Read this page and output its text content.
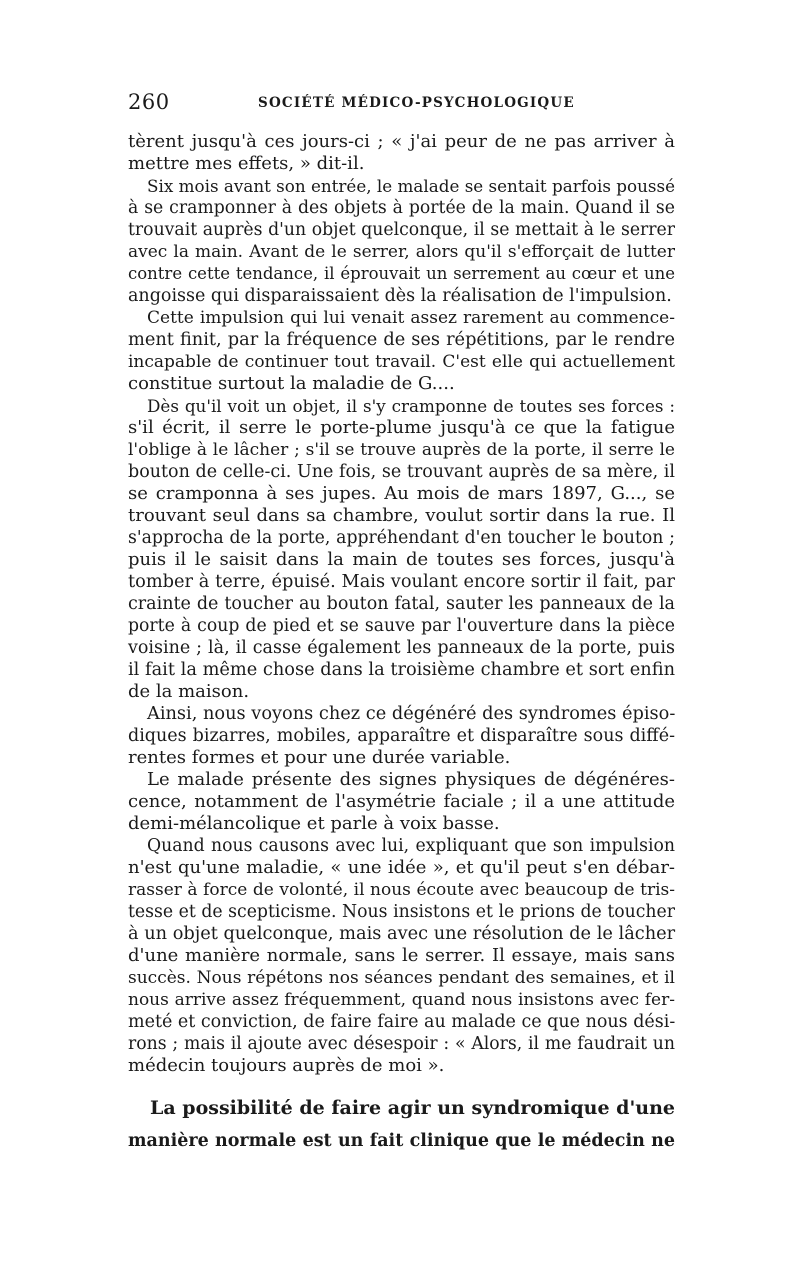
260	SOCIÉTÉ MÉDICO-PSYCHOLOGIQUE
tèrent jusqu'à ces jours-ci ; « j'ai peur de ne pas arriver à
mettre mes effets, » dit-il.
Six mois avant son entrée, le malade se sentait parfois poussé
à se cramponner à des objets à portée de la main. Quand il se
trouvait auprès d'un objet quelconque, il se mettait à le serrer
avec la main. Avant de le serrer, alors qu'il s'efforçait de lutter
contre cette tendance, il éprouvait un serrement au cœur et une
angoisse qui disparaissaient dès la réalisation de l'impulsion.
Cette impulsion qui lui venait assez rarement au commence-
ment finit, par la fréquence de ses répétitions, par le rendre
incapable de continuer tout travail. C'est elle qui actuellement
constitue surtout la maladie de G....
Dès qu'il voit un objet, il s'y cramponne de toutes ses forces :
s'il écrit, il serre le porte-plume jusqu'à ce que la fatigue
l'oblige à le lâcher ; s'il se trouve auprès de la porte, il serre le
bouton de celle-ci. Une fois, se trouvant auprès de sa mère, il
se cramponna à ses jupes. Au mois de mars 1897, G..., se
trouvant seul dans sa chambre, voulut sortir dans la rue. Il
s'approcha de la porte, appréhendant d'en toucher le bouton ;
puis il le saisit dans la main de toutes ses forces, jusqu'à
tomber à terre, épuisé. Mais voulant encore sortir il fait, par
crainte de toucher au bouton fatal, sauter les panneaux de la
porte à coup de pied et se sauve par l'ouverture dans la pièce
voisine ; là, il casse également les panneaux de la porte, puis
il fait la même chose dans la troisième chambre et sort enfin
de la maison.
Ainsi, nous voyons chez ce dégénéré des syndromes épiso-
diques bizarres, mobiles, apparaître et disparaître sous diffé-
rentes formes et pour une durée variable.
Le malade présente des signes physiques de dégénéres-
cence, notamment de l'asymétrie faciale ; il a une attitude
demi-mélancolique et parle à voix basse.
Quand nous causons avec lui, expliquant que son impulsion
n'est qu'une maladie, « une idée », et qu'il peut s'en débar-
rasser à force de volonté, il nous écoute avec beaucoup de tris-
tesse et de scepticisme. Nous insistons et le prions de toucher
à un objet quelconque, mais avec une résolution de le lâcher
d'une manière normale, sans le serrer. Il essaye, mais sans
succès. Nous répétons nos séances pendant des semaines, et il
nous arrive assez fréquemment, quand nous insistons avec fer-
meté et conviction, de faire faire au malade ce que nous dési-
rons ; mais il ajoute avec désespoir : « Alors, il me faudrait un
médecin toujours auprès de moi ».
La possibilité de faire agir un syndromique d'une
manière normale est un fait clinique que le médecin ne
